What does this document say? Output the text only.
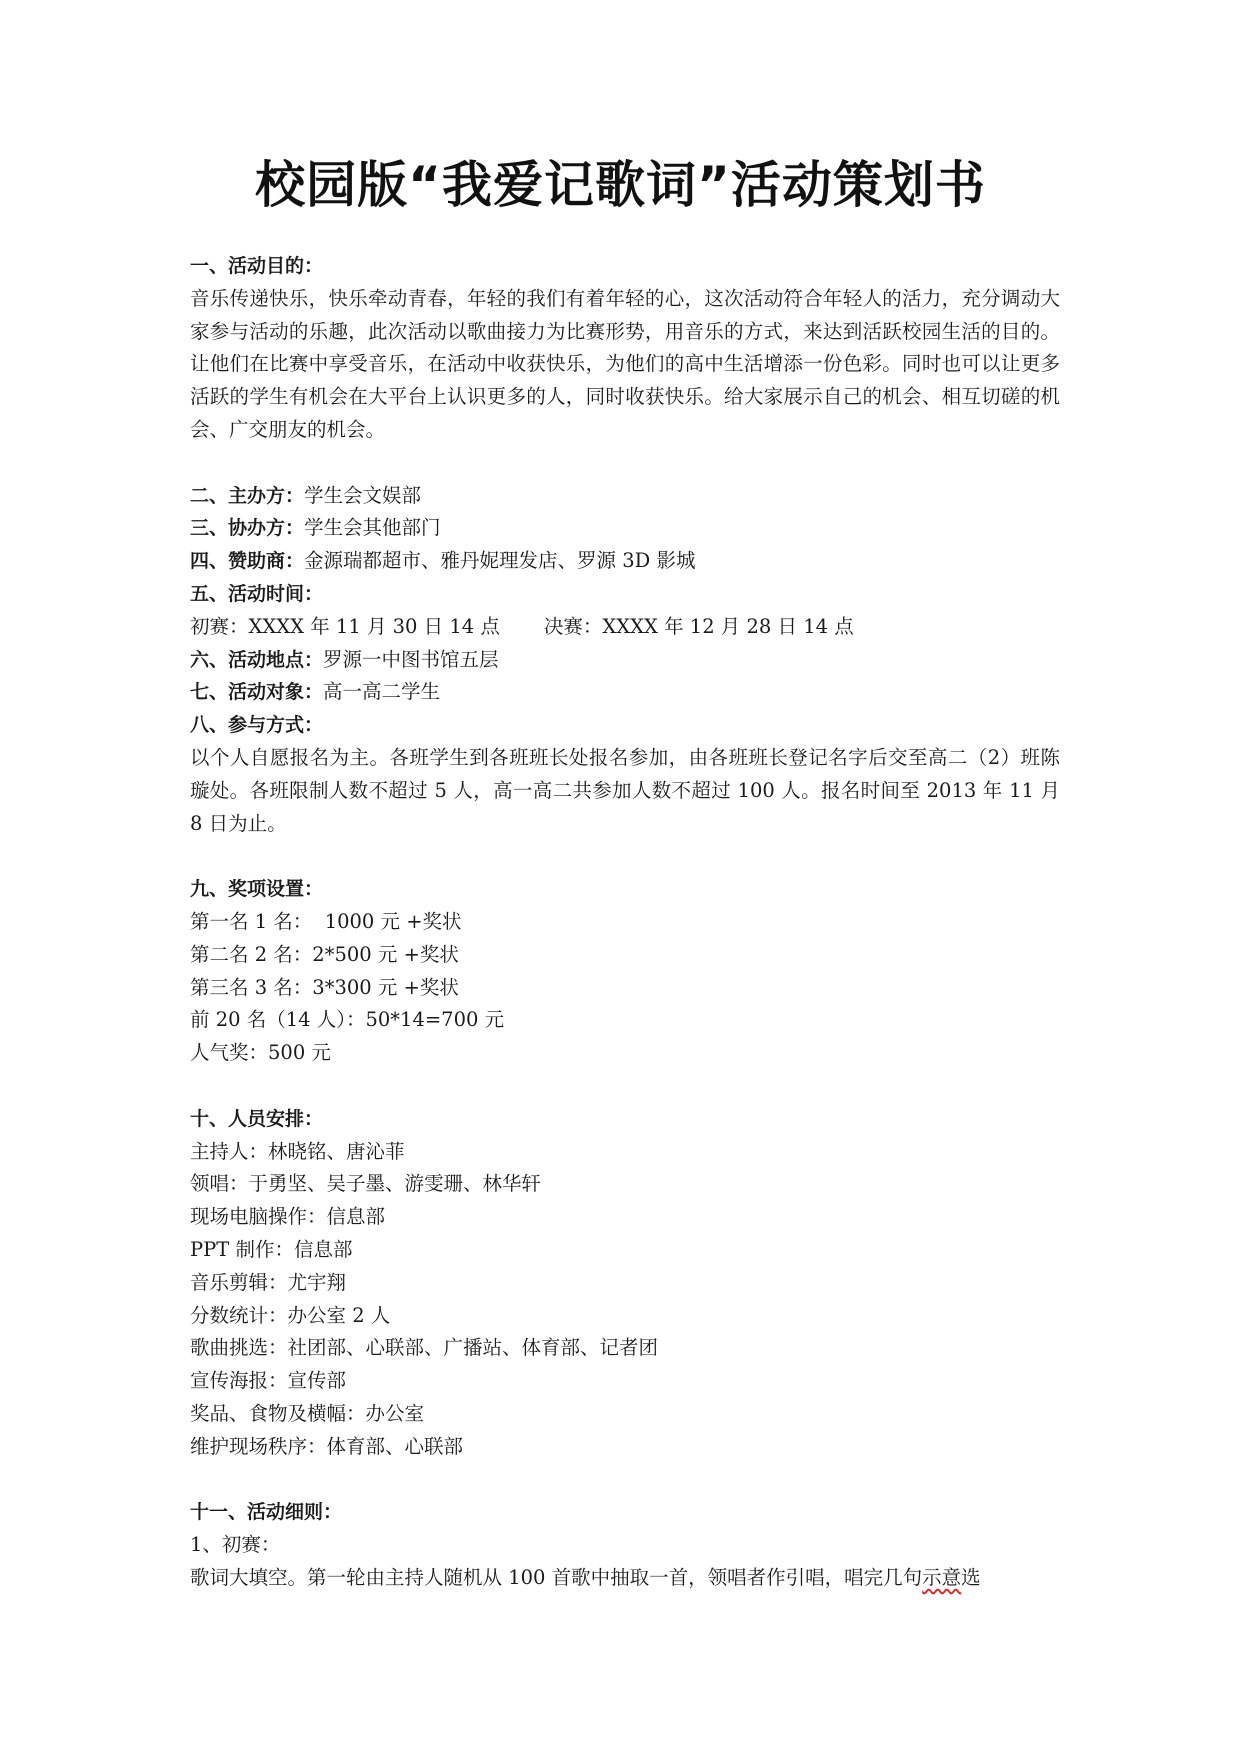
校园版“我爱记歌词”活动策划书
一、活动目的：
音乐传递快乐，快乐牵动青春，年轻的我们有着年轻的心，这次活动符合年轻人的活力，充分调动大家参与活动的乐趣，此次活动以歌曲接力为比赛形势，用音乐的方式，来达到活跃校园生活的目的。让他们在比赛中享受音乐，在活动中收获快乐，为他们的高中生活增添一份色彩。同时也可以让更多活跃的学生有机会在大平台上认识更多的人，同时收获快乐。给大家展示自己的机会、相互切磋的机会、广交朋友的机会。
二、主办方：学生会文娱部
三、协办方：学生会其他部门
四、赞助商：金源瑞都超市、雅丹妮理发店、罗源 3D 影城
五、活动时间：
初赛：XXXX 年 11 月 30 日 14 点 决赛：XXXX 年 12 月 28 日 14 点
六、活动地点：罗源一中图书馆五层
七、活动对象：高一高二学生
八、参与方式：
以个人自愿报名为主。各班学生到各班班长处报名参加，由各班班长登记名字后交至高二（2）班陈璇处。各班限制人数不超过 5 人，高一高二共参加人数不超过 100 人。报名时间至 2013 年 11 月 8 日为止。
九、奖项设置：
第一名 1 名：  1000 元 +奖状
第二名 2 名：2*500 元 +奖状
第三名 3 名：3*300 元 +奖状
前 20 名（14 人）：50*14=700 元
人气奖：500 元
十、人员安排：
主持人：林晓铭、唐沁菲
领唱：于勇坚、吴子墨、游雯珊、林华轩
现场电脑操作：信息部
PPT 制作：信息部
音乐剪辑：尤宇翔
分数统计：办公室 2 人
歌曲挑选：社团部、心联部、广播站、体育部、记者团
宣传海报：宣传部
奖品、食物及横幅：办公室
维护现场秩序：体育部、心联部
十一、活动细则：
1、初赛：
歌词大填空。第一轮由主持人随机从 100 首歌中抽取一首，领唱者作引唱，唱完几句示意选
